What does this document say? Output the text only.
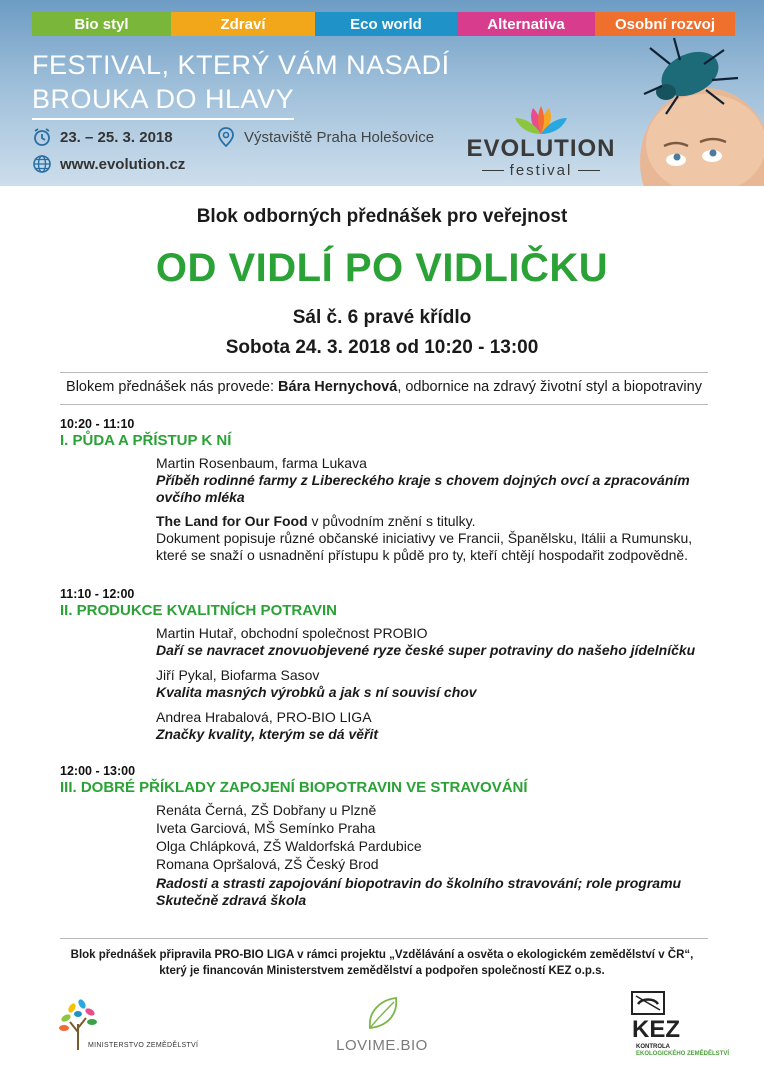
Bio styl	Zdraví	Eco world	Alternativa	Osobní rozvoj
FESTIVAL, KTERÝ VÁM NASADÍ
BROUKA DO HLAVY
23. – 25. 3. 2018	Výstaviště Praha Holešovice
www.evolution.cz
EVOLUTION
festival
Blok odborných přednášek pro veřejnost
OD VIDLÍ PO VIDLIČKU
Sál č. 6 pravé křídlo
Sobota 24. 3. 2018 od 10:20 - 13:00
Blokem přednášek nás provede: Bára Hernychová, odbornice na zdravý životní styl a biopotraviny
10:20 - 11:10
I. PŮDA A PŘÍSTUP K NÍ
Martin Rosenbaum, farma Lukava
Příběh rodinné farmy z Libereckého kraje s chovem dojných ovcí a zpracováním ovčího mléka
The Land for Our Food v původním znění s titulky.
Dokument popisuje různé občanské iniciativy ve Francii, Španělsku, Itálii a Rumunsku, které se snaží o usnadnění přístupu k půdě pro ty, kteří chtějí hospodařit zodpovědně.
11:10 - 12:00
II. PRODUKCE KVALITNÍCH POTRAVIN
Martin Hutař, obchodní společnost PROBIO
Daří se navracet znovuobjevené ryze české super potraviny do našeho jídelníčku
Jiří Pykal, Biofarma Sasov
Kvalita masných výrobků a jak s ní souvisí chov
Andrea Hrabalová, PRO-BIO LIGA
Značky kvality, kterým se dá věřit
12:00 - 13:00
III. DOBRÉ PŘÍKLADY ZAPOJENÍ BIOPOTRAVIN VE STRAVOVÁNÍ
Renáta Černá, ZŠ Dobřany u Plzně
Iveta Garciová, MŠ Semínko Praha
Olga Chlápková, ZŠ Waldorfská Pardubice
Romana Opršalová, ZŠ Český Brod
Radosti a strasti zapojování biopotravin do školního stravování; role programu Skutečně zdravá škola
Blok přednášek připravila PRO-BIO LIGA v rámci projektu „Vzdělávání a osvěta o ekologickém zemědělství v ČR“,
který je financován Ministerstvem zemědělství a podpořen společností KEZ o.p.s.
MINISTERSTVO ZEMĚDĚLSTVÍ	LOVIME.BIO
KEZ
KONTROLA
EKOLOGICKÉHO ZEMĚDĚLSTVÍ
